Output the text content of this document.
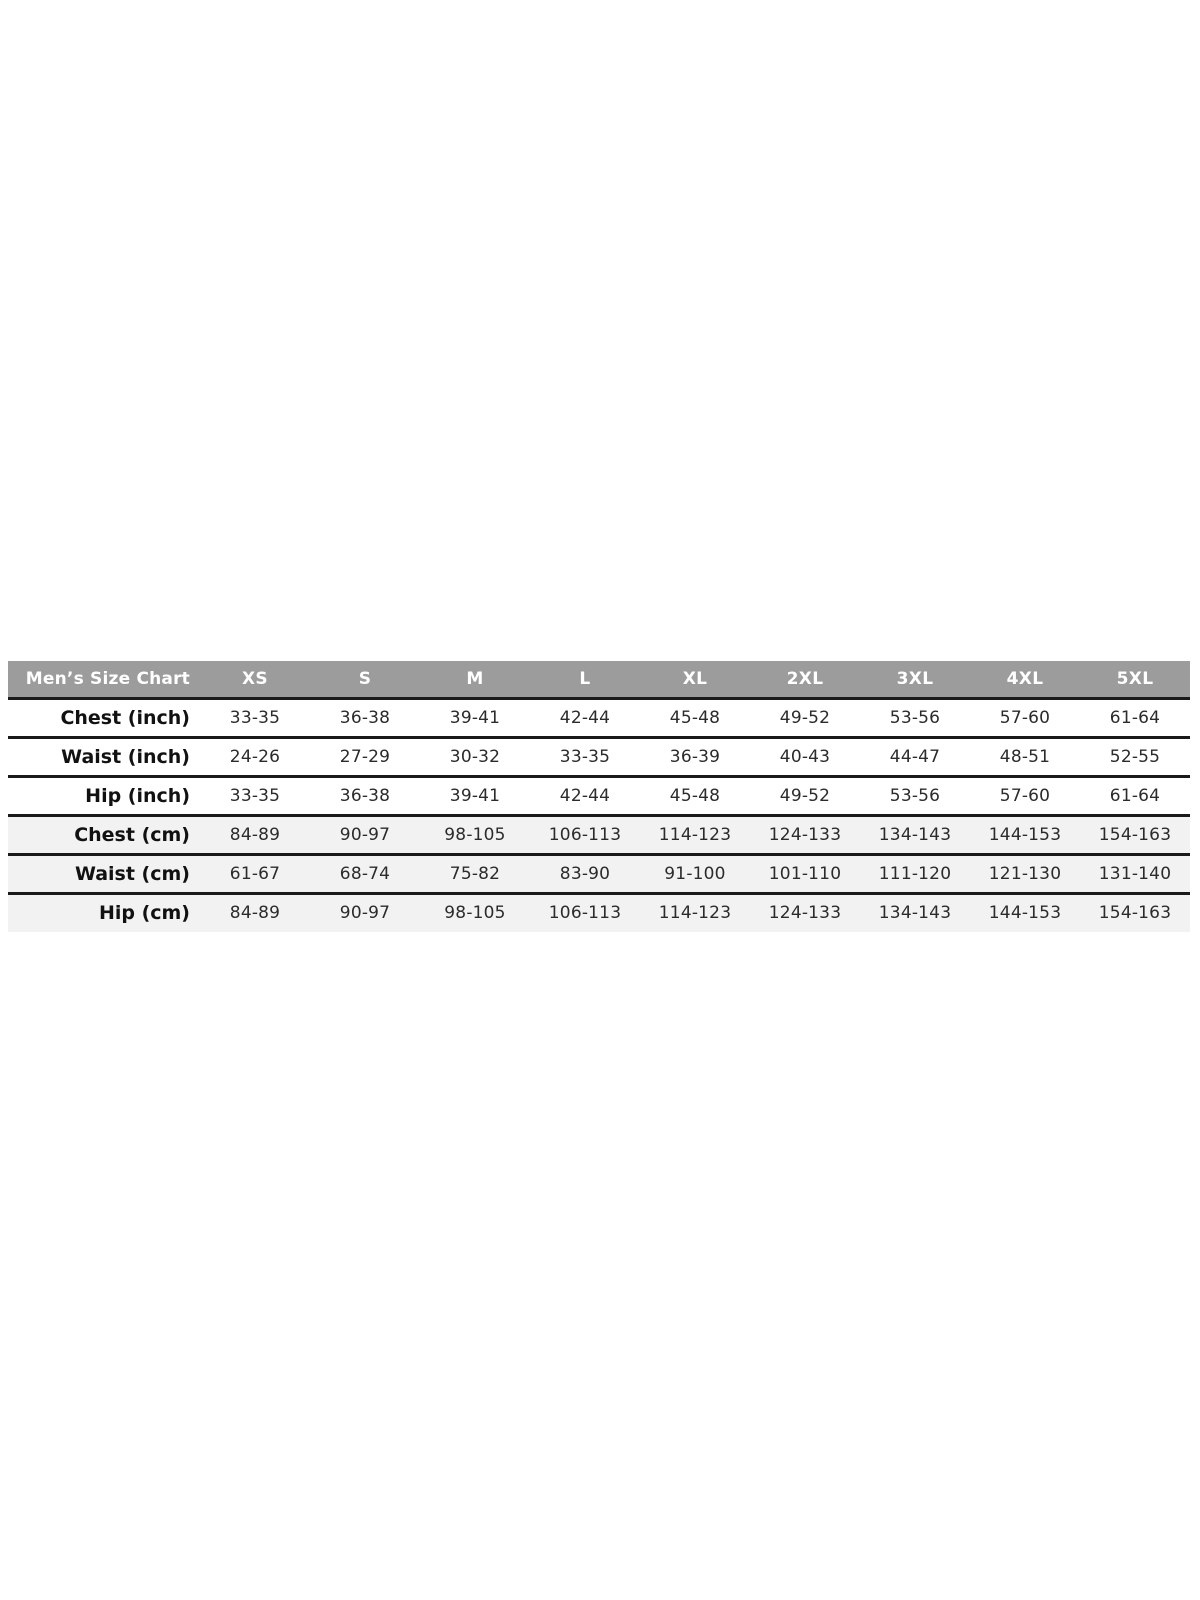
Men’s Size Chart	XS	S	M	L	XL	2XL	3XL	4XL	5XL
Chest (inch)	33-35	36-38	39-41	42-44	45-48	49-52	53-56	57-60	61-64
Waist (inch)	24-26	27-29	30-32	33-35	36-39	40-43	44-47	48-51	52-55
Hip (inch)	33-35	36-38	39-41	42-44	45-48	49-52	53-56	57-60	61-64
Chest (cm)	84-89	90-97	98-105	106-113	114-123	124-133	134-143	144-153	154-163
Waist (cm)	61-67	68-74	75-82	83-90	91-100	101-110	111-120	121-130	131-140
Hip (cm)	84-89	90-97	98-105	106-113	114-123	124-133	134-143	144-153	154-163
